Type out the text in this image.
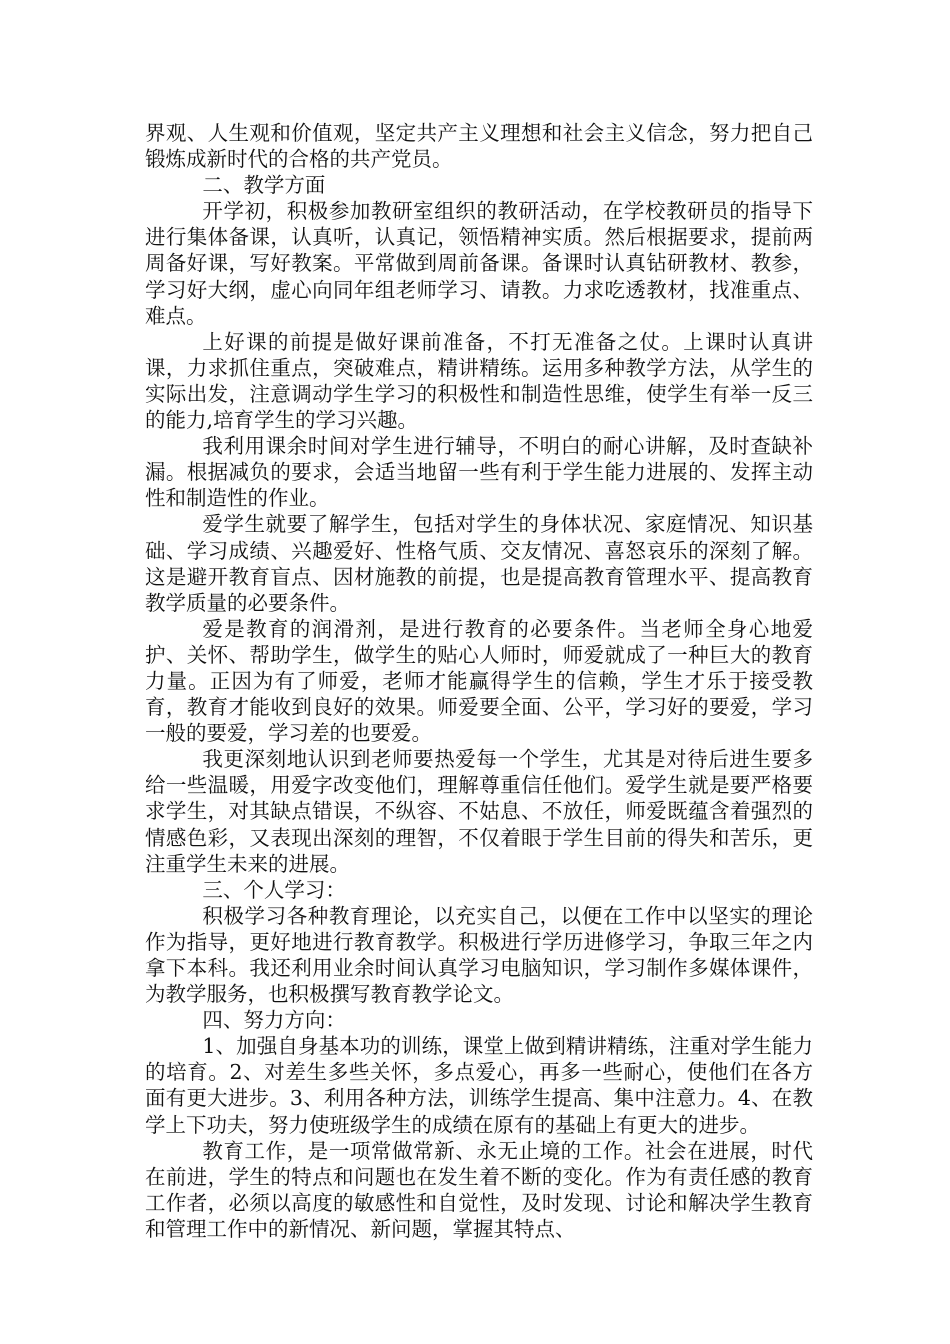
界观、人生观和价值观，坚定共产主义理想和社会主义信念，努力把自己锻炼成新时代的合格的共产党员。

二、教学方面

开学初，积极参加教研室组织的教研活动，在学校教研员的指导下进行集体备课，认真听，认真记，领悟精神实质。然后根据要求，提前两周备好课，写好教案。平常做到周前备课。备课时认真钻研教材、教参，学习好大纲，虚心向同年组老师学习、请教。力求吃透教材，找准重点、难点。

上好课的前提是做好课前准备，不打无准备之仗。上课时认真讲课，力求抓住重点，突破难点，精讲精练。运用多种教学方法，从学生的实际出发，注意调动学生学习的积极性和制造性思维，使学生有举一反三的能力,培育学生的学习兴趣。

我利用课余时间对学生进行辅导，不明白的耐心讲解，及时查缺补漏。根据减负的要求，会适当地留一些有利于学生能力进展的、发挥主动性和制造性的作业。

爱学生就要了解学生，包括对学生的身体状况、家庭情况、知识基础、学习成绩、兴趣爱好、性格气质、交友情况、喜怒哀乐的深刻了解。这是避开教育盲点、因材施教的前提，也是提高教育管理水平、提高教育教学质量的必要条件。

爱是教育的润滑剂，是进行教育的必要条件。当老师全身心地爱护、关怀、帮助学生，做学生的贴心人师时，师爱就成了一种巨大的教育力量。正因为有了师爱，老师才能赢得学生的信赖，学生才乐于接受教育，教育才能收到良好的效果。师爱要全面、公平，学习好的要爱，学习一般的要爱，学习差的也要爱。

我更深刻地认识到老师要热爱每一个学生，尤其是对待后进生要多给一些温暖，用爱字改变他们，理解尊重信任他们。爱学生就是要严格要求学生，对其缺点错误，不纵容、不姑息、不放任，师爱既蕴含着强烈的情感色彩，又表现出深刻的理智，不仅着眼于学生目前的得失和苦乐，更注重学生未来的进展。

三、个人学习：

积极学习各种教育理论，以充实自己，以便在工作中以坚实的理论作为指导，更好地进行教育教学。积极进行学历进修学习，争取三年之内拿下本科。我还利用业余时间认真学习电脑知识，学习制作多媒体课件，为教学服务，也积极撰写教育教学论文。

四、努力方向：

1、加强自身基本功的训练，课堂上做到精讲精练，注重对学生能力的培育。2、对差生多些关怀，多点爱心，再多一些耐心，使他们在各方面有更大进步。3、利用各种方法，训练学生提高、集中注意力。4、在教学上下功夫，努力使班级学生的成绩在原有的基础上有更大的进步。

教育工作，是一项常做常新、永无止境的工作。社会在进展，时代在前进，学生的特点和问题也在发生着不断的变化。作为有责任感的教育工作者，必须以高度的敏感性和自觉性，及时发现、讨论和解决学生教育和管理工作中的新情况、新问题，掌握其特点、
